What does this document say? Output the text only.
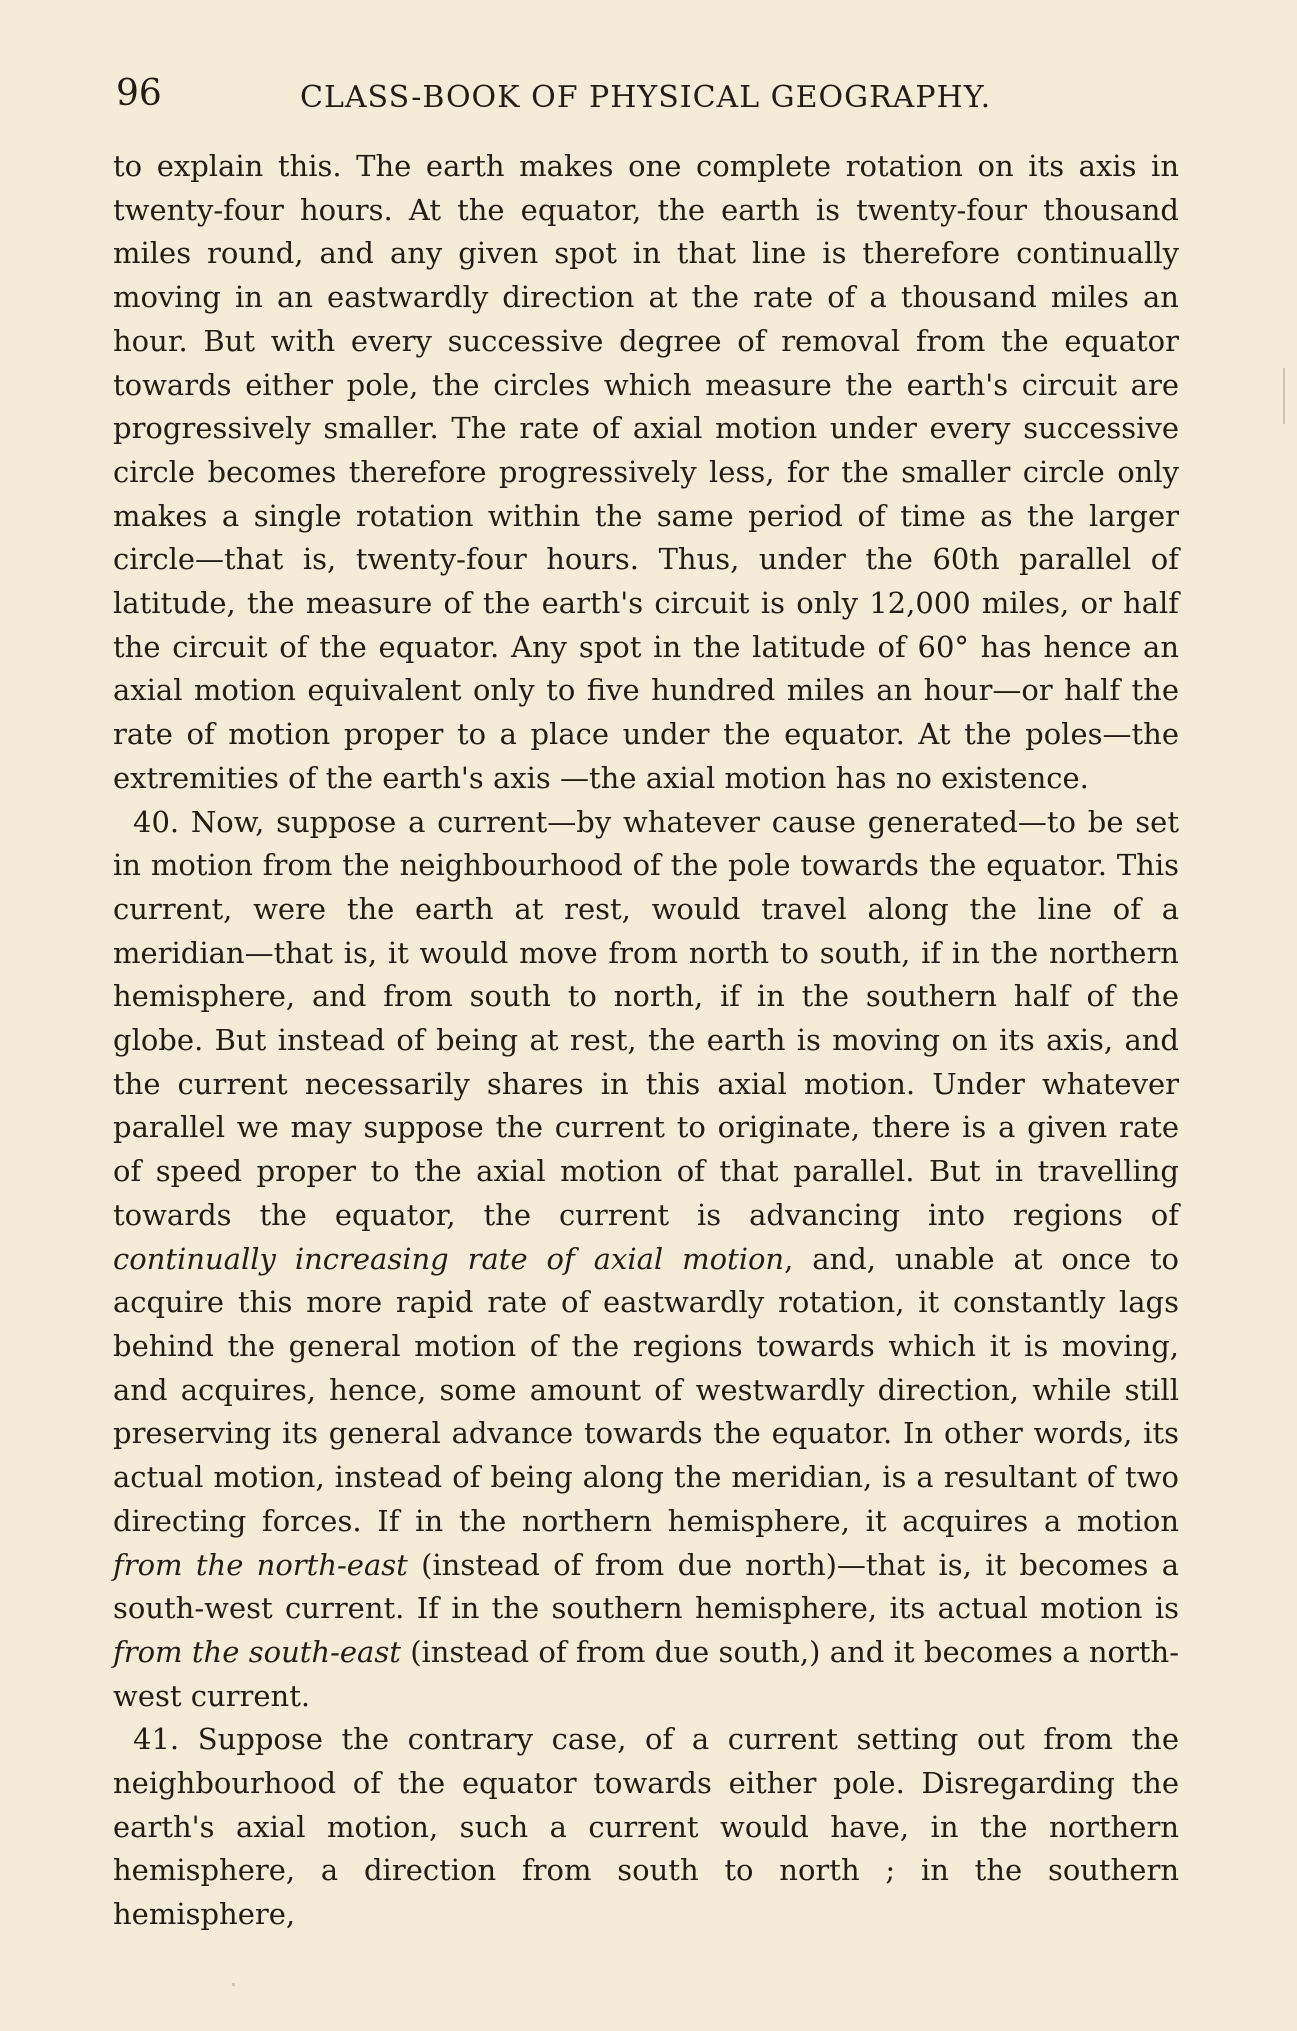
96	CLASS-BOOK OF PHYSICAL GEOGRAPHY.

to explain this. The earth makes one complete rotation on its axis in twenty-four hours. At the equator, the earth is twenty-four thousand miles round, and any given spot in that line is therefore continually moving in an eastwardly direction at the rate of a thousand miles an hour. But with every successive degree of removal from the equator towards either pole, the circles which measure the earth's circuit are progressively smaller. The rate of axial motion under every successive circle becomes therefore progressively less, for the smaller circle only makes a single rotation within the same period of time as the larger circle—that is, twenty-four hours. Thus, under the 60th parallel of latitude, the measure of the earth's circuit is only 12,000 miles, or half the circuit of the equator. Any spot in the latitude of 60° has hence an axial motion equivalent only to five hundred miles an hour—or half the rate of motion proper to a place under the equator. At the poles—the extremities of the earth's axis —the axial motion has no existence.

40. Now, suppose a current—by whatever cause generated—to be set in motion from the neighbourhood of the pole towards the equator. This current, were the earth at rest, would travel along the line of a meridian—that is, it would move from north to south, if in the northern hemisphere, and from south to north, if in the southern half of the globe. But instead of being at rest, the earth is moving on its axis, and the current necessarily shares in this axial motion. Under whatever parallel we may suppose the current to originate, there is a given rate of speed proper to the axial motion of that parallel. But in travelling towards the equator, the current is advancing into regions of continually increasing rate of axial motion, and, unable at once to acquire this more rapid rate of eastwardly rotation, it constantly lags behind the general motion of the regions towards which it is moving, and acquires, hence, some amount of westwardly direction, while still preserving its general advance towards the equator. In other words, its actual motion, instead of being along the meridian, is a resultant of two directing forces. If in the northern hemisphere, it acquires a motion from the north-east (instead of from due north)—that is, it becomes a south-west current. If in the southern hemisphere, its actual motion is from the south-east (instead of from due south,) and it becomes a north-west current.

41. Suppose the contrary case, of a current setting out from the neighbourhood of the equator towards either pole. Disregarding the earth's axial motion, such a current would have, in the northern hemisphere, a direction from south to north ; in the southern hemisphere,
